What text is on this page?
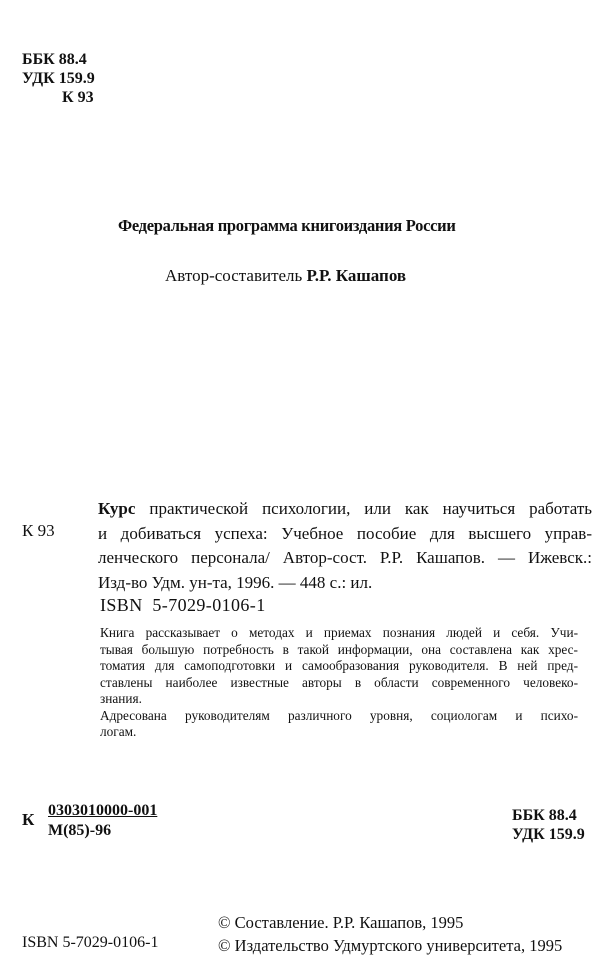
ББК 88.4
УДК 159.9
К 93
Федеральная программа книгоиздания России
Автор-составитель Р.Р. Кашапов
К 93
Курс практической психологии, или как научиться работать
и добиваться успеха: Учебное пособие для высшего управ-
ленческого персонала/ Автор-сост. Р.Р. Кашапов. — Ижевск.:
Изд-во Удм. ун-та, 1996. — 448 с.: ил.
ISBN  5-7029-0106-1
Книга рассказывает о методах и приемах познания людей и себя. Учи-
тывая большую потребность в такой информации, она составлена как хрес-
томатия для самоподготовки и самообразования руководителя. В ней пред-
ставлены наиболее известные авторы в области современного человеко-
знания.
Адресована руководителям различного уровня, социологам и психо-
логам.
К 0303010000-001
М(85)-96
ББК 88.4
УДК 159.9
ISBN 5-7029-0106-1
© Составление. Р.Р. Кашапов, 1995
© Издательство Удмуртского университета, 1995
